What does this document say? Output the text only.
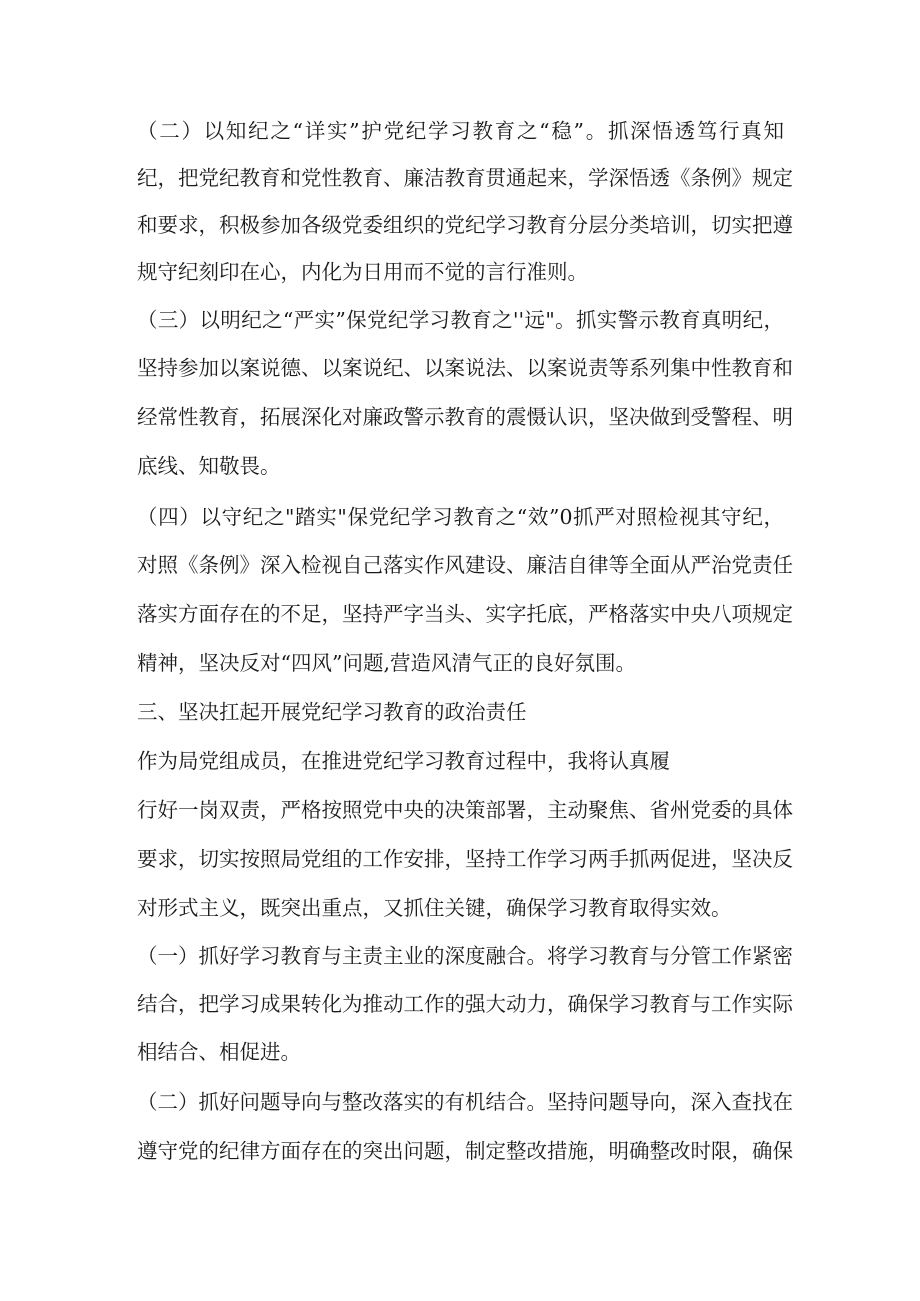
（二）以知纪之“详实”护党纪学习教育之“稳”。抓深悟透笃行真知

纪，把党纪教育和党性教育、廉洁教育贯通起来，学深悟透《条例》规定

和要求，积极参加各级党委组织的党纪学习教育分层分类培训，切实把遵

规守纪刻印在心，内化为日用而不觉的言行准则。

（三）以明纪之“严实”保党纪学习教育之''远"。抓实警示教育真明纪，

坚持参加以案说德、以案说纪、以案说法、以案说责等系列集中性教育和

经常性教育，拓展深化对廉政警示教育的震慑认识，坚决做到受警程、明

底线、知敬畏。

（四）以守纪之"踏实"保党纪学习教育之“效”0抓严对照检视其守纪，

对照《条例》深入检视自己落实作风建设、廉洁自律等全面从严治党责任

落实方面存在的不足，坚持严字当头、实字托底，严格落实中央八项规定

精神，坚决反对“四风”问题,营造风清气正的良好氛围。

三、坚决扛起开展党纪学习教育的政治责任

作为局党组成员，在推进党纪学习教育过程中，我将认真履

行好一岗双责，严格按照党中央的决策部署，主动聚焦、省州党委的具体

要求，切实按照局党组的工作安排，坚持工作学习两手抓两促进，坚决反

对形式主义，既突出重点，又抓住关键，确保学习教育取得实效。

（一）抓好学习教育与主责主业的深度融合。将学习教育与分管工作紧密

结合，把学习成果转化为推动工作的强大动力，确保学习教育与工作实际

相结合、相促进。

（二）抓好问题导向与整改落实的有机结合。坚持问题导向，深入查找在

遵守党的纪律方面存在的突出问题，制定整改措施，明确整改时限，确保
